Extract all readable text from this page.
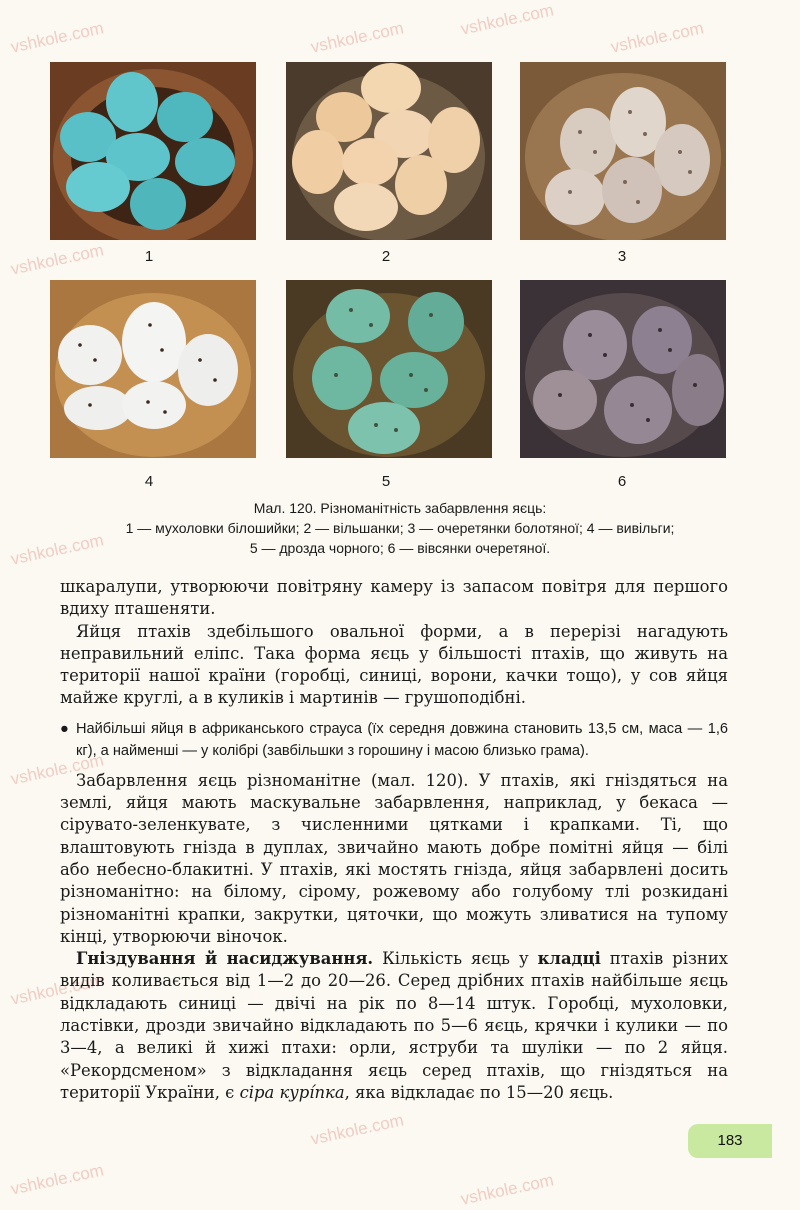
vshkole.com	vshkole.com	vshkole.com	vshkole.com
vshkole.com
vshkole.com
vshkole.com
vshkole.com
vshkole.com
vshkole.com	vshkole.com
1	2	3
4	5	6
Мал. 120. Різноманітність забарвлення яєць:
1 — мухоловки білошийки; 2 — вільшанки; 3 — очеретянки болотяної; 4 — вивільги;
5 — дрозда чорного; 6 — вівсянки очеретяної.

шкаралупи, утворюючи повітряну камеру із запасом повітря для першого вдиху пташеняти.

Яйця птахів здебільшого овальної форми, а в перерізі нагадують неправильний еліпс. Така форма яєць у більшості птахів, що живуть на території нашої країни (горобці, синиці, ворони, качки тощо), у сов яйця майже круглі, а в куликів і мартинів — грушоподібні.

● Найбільші яйця в африканського страуса (їх середня довжина становить 13,5 см, маса — 1,6 кг), а найменші — у колібрі (завбільшки з горошину і масою близько грама).

Забарвлення яєць різноманітне (мал. 120). У птахів, які гніздяться на землі, яйця мають маскувальне забарвлення, наприклад, у бекаса — сірувато-зеленкувате, з численними цятками і крапками. Ті, що влаштовують гнізда в дуплах, звичайно мають добре помітні яйця — білі або небесно-блакитні. У птахів, які мостять гнізда, яйця забарвлені досить різноманітно: на білому, сірому, рожевому або голубому тлі розкидані різноманітні крапки, закрутки, цяточки, що можуть зливатися на тупому кінці, утворюючи віночок.

Гніздування й насиджування. Кількість яєць у кладці птахів різних видів коливається від 1—2 до 20—26. Серед дрібних птахів найбільше яєць відкладають синиці — двічі на рік по 8—14 штук. Горобці, мухоловки, ластівки, дрозди звичайно відкладають по 5—6 яєць, крячки і кулики — по 3—4, а великі й хижі птахи: орли, яструби та шуліки — по 2 яйця. «Рекордсменом» з відкладання яєць серед птахів, що гніздяться на території України, є сіра курíпка, яка відкладає по 15—20 яєць.

183
